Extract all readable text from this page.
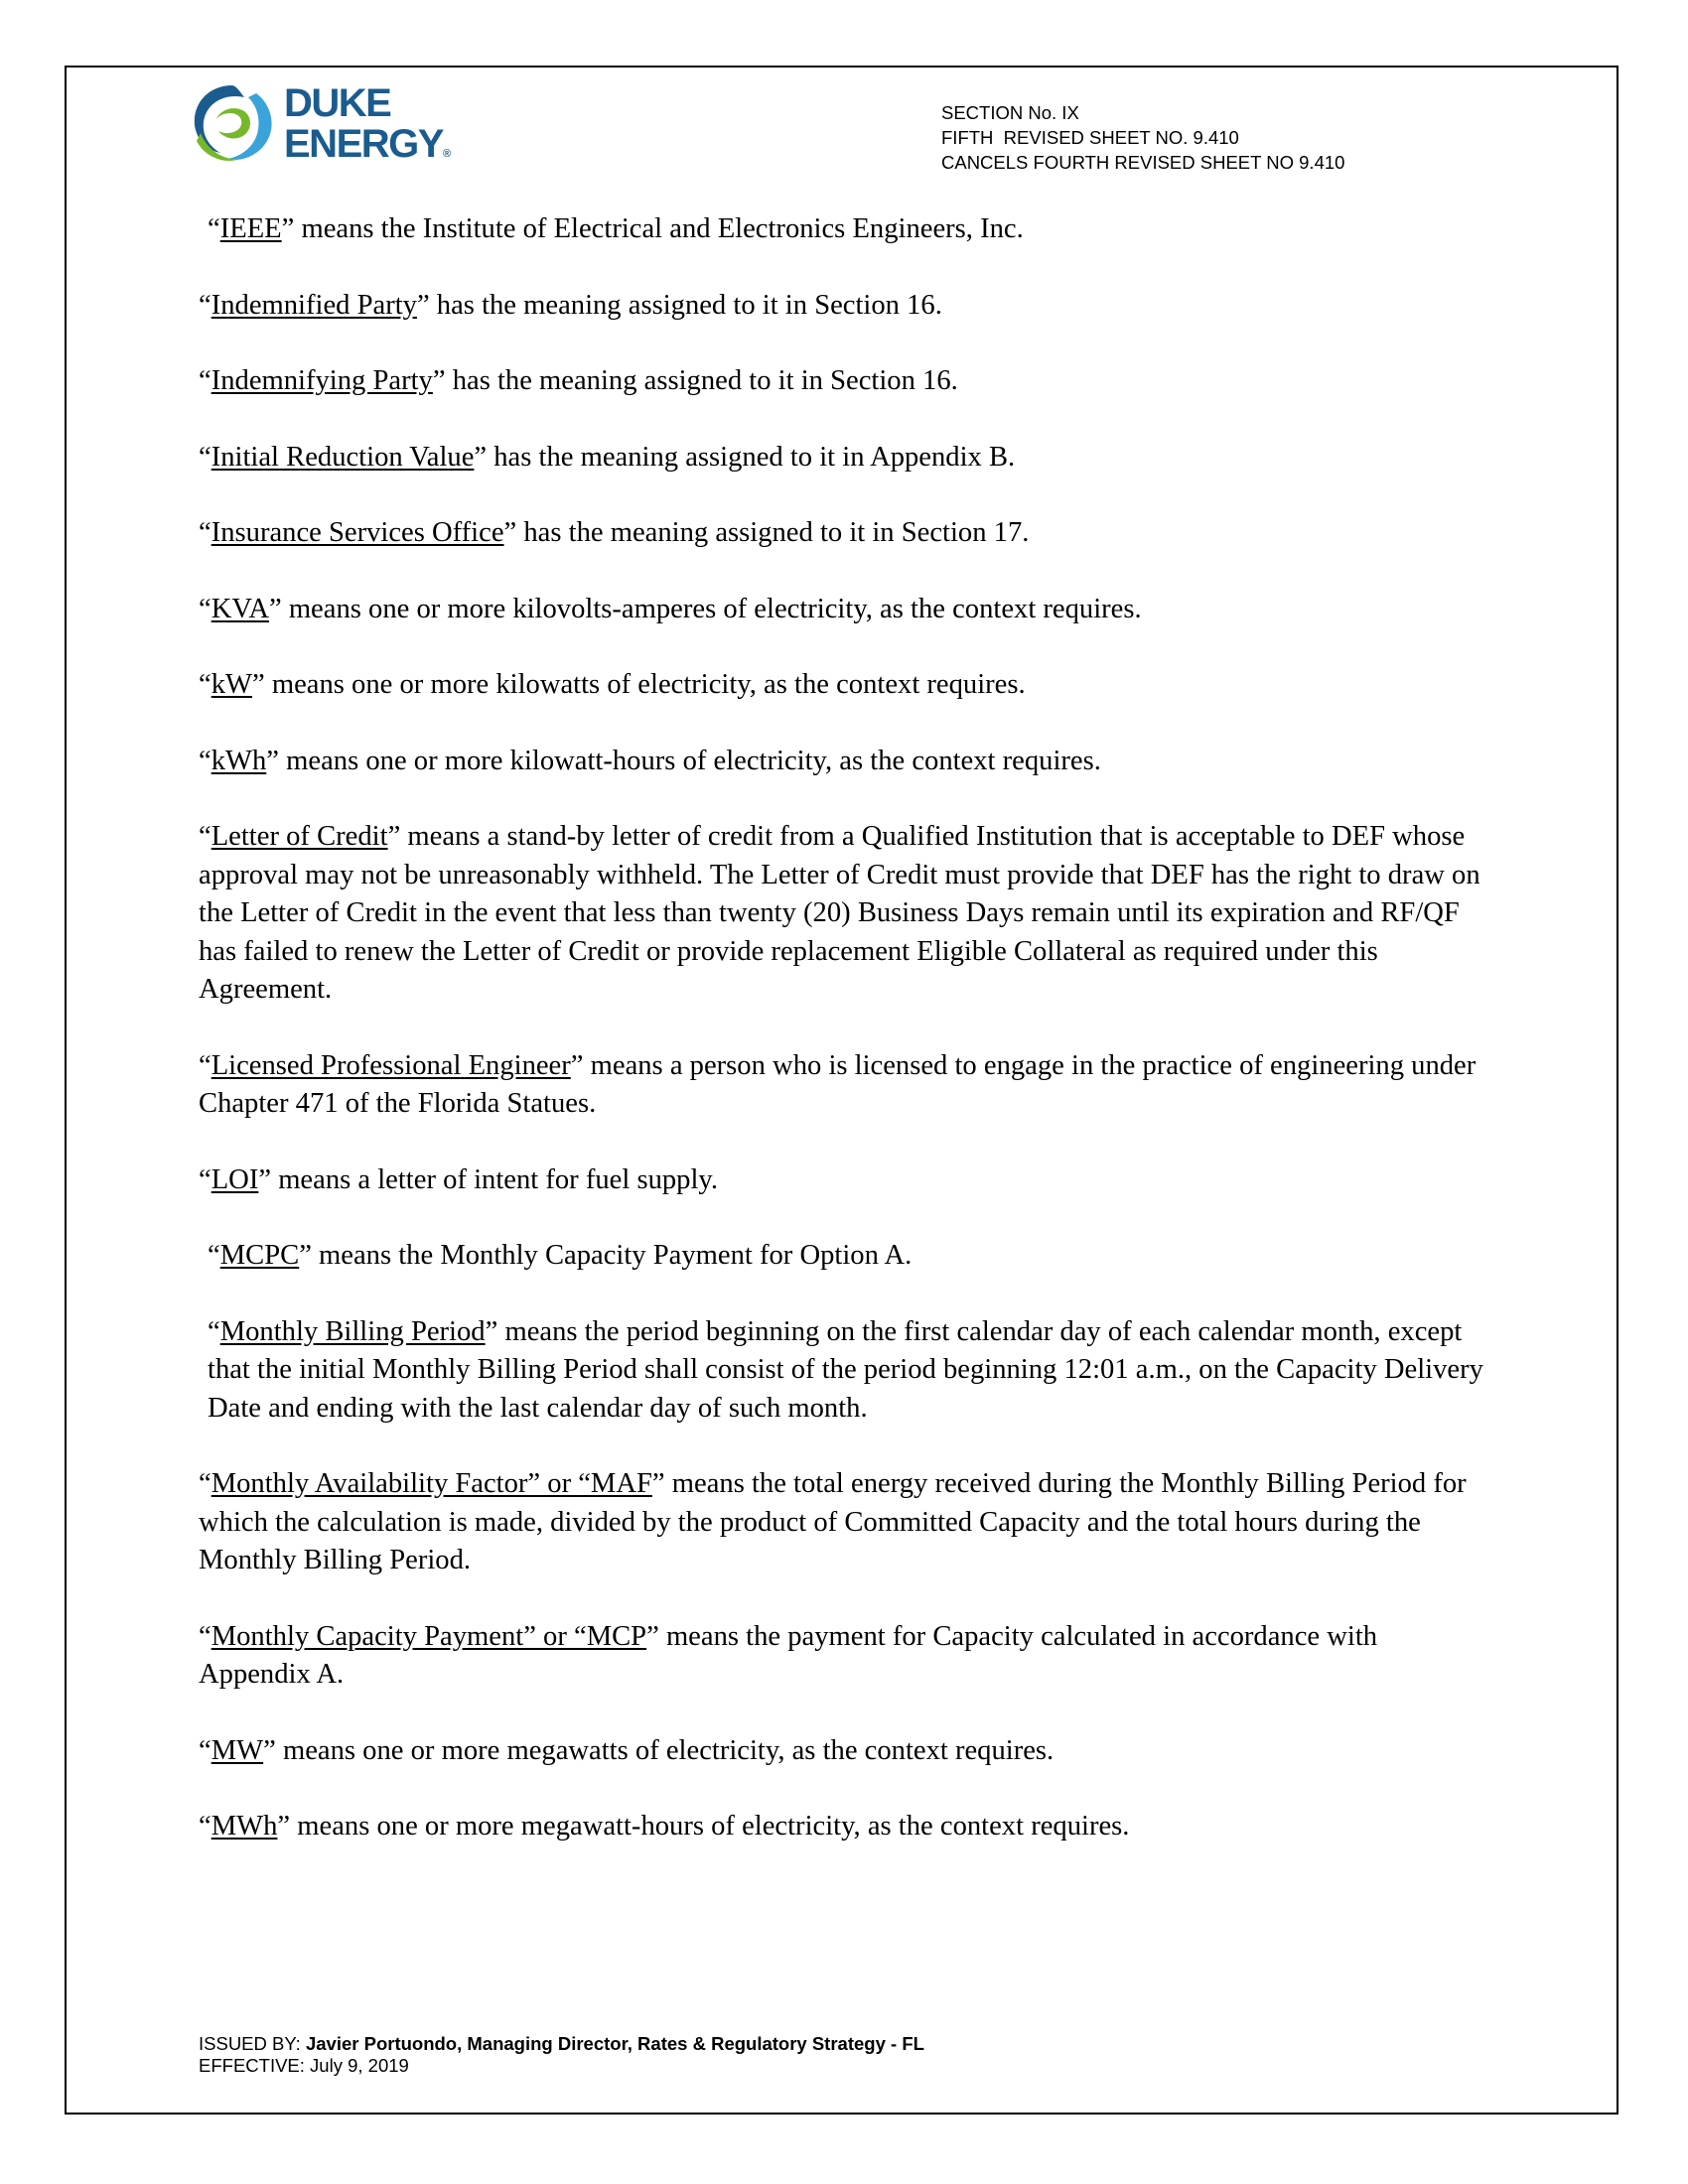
DUKE
ENERGY®
SECTION No. IX
FIFTH  REVISED SHEET NO. 9.410
CANCELS FOURTH REVISED SHEET NO 9.410

“IEEE” means the Institute of Electrical and Electronics Engineers, Inc.

“Indemnified Party” has the meaning assigned to it in Section 16.

“Indemnifying Party” has the meaning assigned to it in Section 16.

“Initial Reduction Value” has the meaning assigned to it in Appendix B.

“Insurance Services Office” has the meaning assigned to it in Section 17.

“KVA” means one or more kilovolts-amperes of electricity, as the context requires.

“kW” means one or more kilowatts of electricity, as the context requires.

“kWh” means one or more kilowatt-hours of electricity, as the context requires.

“Letter of Credit” means a stand-by letter of credit from a Qualified Institution that is acceptable to DEF whose approval may not be unreasonably withheld. The Letter of Credit must provide that DEF has the right to draw on the Letter of Credit in the event that less than twenty (20) Business Days remain until its expiration and RF/QF has failed to renew the Letter of Credit or provide replacement Eligible Collateral as required under this Agreement.

“Licensed Professional Engineer” means a person who is licensed to engage in the practice of engineering under Chapter 471 of the Florida Statues.

“LOI” means a letter of intent for fuel supply.

“MCPC” means the Monthly Capacity Payment for Option A.

“Monthly Billing Period” means the period beginning on the first calendar day of each calendar month, except that the initial Monthly Billing Period shall consist of the period beginning 12:01 a.m., on the Capacity Delivery Date and ending with the last calendar day of such month.

“Monthly Availability Factor” or “MAF” means the total energy received during the Monthly Billing Period for which the calculation is made, divided by the product of Committed Capacity and the total hours during the Monthly Billing Period.

“Monthly Capacity Payment” or “MCP” means the payment for Capacity calculated in accordance with Appendix A.

“MW” means one or more megawatts of electricity, as the context requires.

“MWh” means one or more megawatt-hours of electricity, as the context requires.

ISSUED BY: Javier Portuondo, Managing Director, Rates & Regulatory Strategy - FL
EFFECTIVE: July 9, 2019
